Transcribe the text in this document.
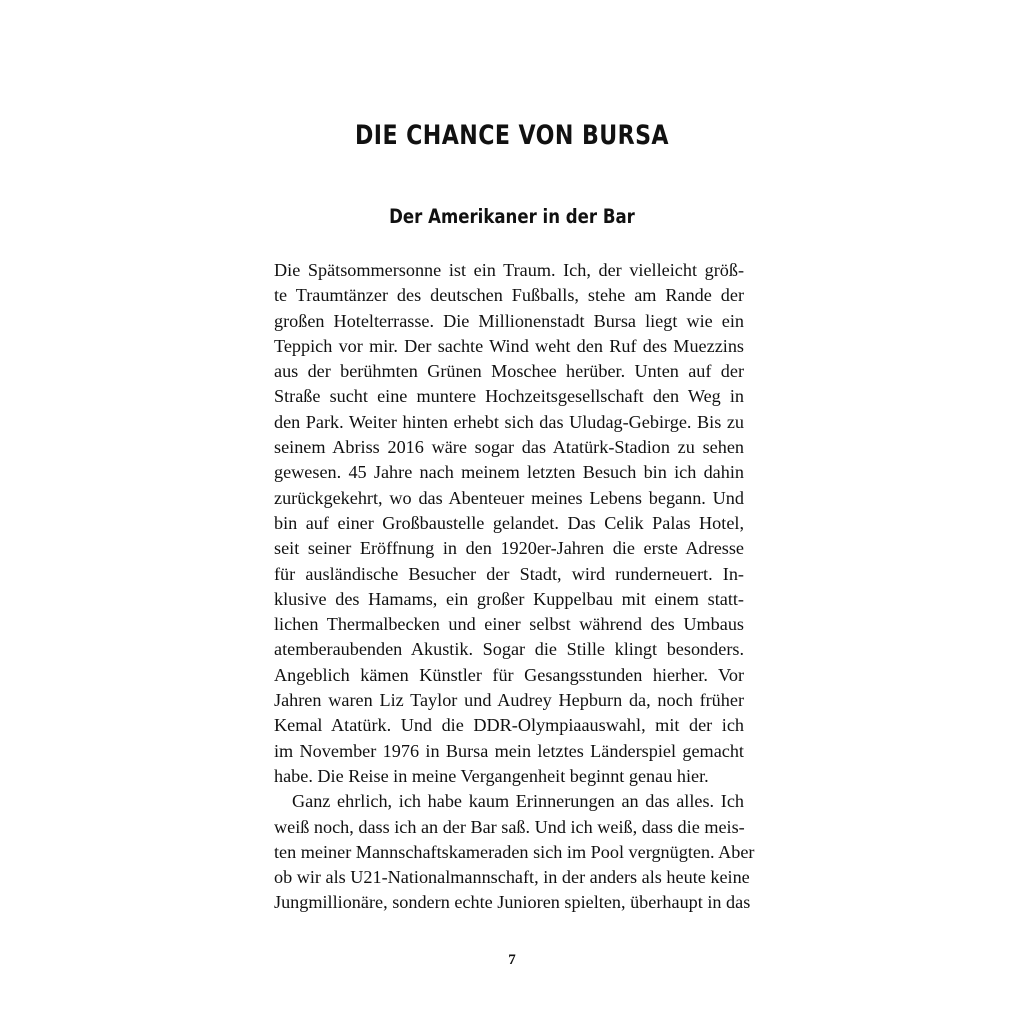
DIE CHANCE VON BURSA
Der Amerikaner in der Bar
Die Spätsommersonne ist ein Traum. Ich, der vielleicht größ-
te Traumtänzer des deutschen Fußballs, stehe am Rande der
großen Hotelterrasse. Die Millionenstadt Bursa liegt wie ein
Teppich vor mir. Der sachte Wind weht den Ruf des Muezzins
aus der berühmten Grünen Moschee herüber. Unten auf der
Straße sucht eine muntere Hochzeitsgesellschaft den Weg in
den Park. Weiter hinten erhebt sich das Uludag-Gebirge. Bis zu
seinem Abriss 2016 wäre sogar das Atatürk-Stadion zu sehen
gewesen. 45 Jahre nach meinem letzten Besuch bin ich dahin
zurückgekehrt, wo das Abenteuer meines Lebens begann. Und
bin auf einer Großbaustelle gelandet. Das Celik Palas Hotel,
seit seiner Eröffnung in den 1920er-Jahren die erste Adresse
für ausländische Besucher der Stadt, wird runderneuert. In-
klusive des Hamams, ein großer Kuppelbau mit einem statt-
lichen Thermalbecken und einer selbst während des Umbaus
atemberaubenden Akustik. Sogar die Stille klingt besonders.
Angeblich kämen Künstler für Gesangsstunden hierher. Vor
Jahren waren Liz Taylor und Audrey Hepburn da, noch früher
Kemal Atatürk. Und die DDR-Olympiaauswahl, mit der ich
im November 1976 in Bursa mein letztes Länderspiel gemacht
habe. Die Reise in meine Vergangenheit beginnt genau hier.
Ganz ehrlich, ich habe kaum Erinnerungen an das alles. Ich
weiß noch, dass ich an der Bar saß. Und ich weiß, dass die meis-
ten meiner Mannschaftskameraden sich im Pool vergnügten. Aber
ob wir als U21-Nationalmannschaft, in der anders als heute keine
Jungmillionäre, sondern echte Junioren spielten, überhaupt in das
7
